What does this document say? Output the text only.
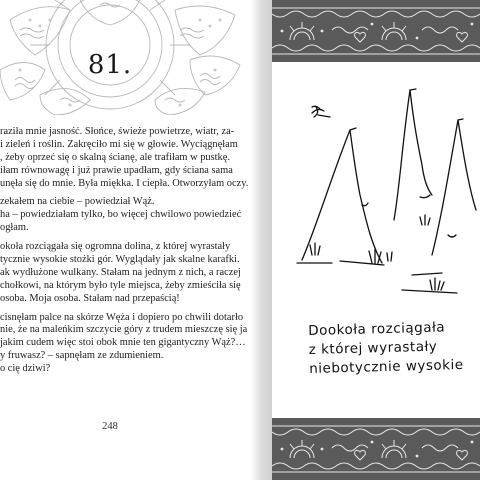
81.
raziła mnie jasność. Słońce, świeże powietrze, wiatr, za-
i zieleń i roślin. Zakręciło mi się w głowie. Wyciągnęłam
, żeby oprzeć się o skalną ścianę, ale trafiłam w pustkę.
iłam równowagę i już prawie upadłam, gdy ściana sama
unęła się do mnie. Była miękka. I ciepła. Otworzyłam oczy.
zekałem na ciebie – powiedział Wąż.
ha – powiedziałam tylko, bo więcej chwilowo powiedzieć
ogłam.
okoła rozciągała się ogromna dolina, z której wyrastały
tycznie wysokie stożki gór. Wyglądały jak skalne karafki.
ak wydłużone wulkany. Stałam na jednym z nich, a raczej
chołkowi, na którym było tyle miejsca, żeby zmieściła się
osoba. Moja osoba. Stałam nad przepaścią!
cisnęłam palce na skórze Węża i dopiero po chwili dotarło
nie, że na maleńkim szczycie góry z trudem mieszczę się ja
jakim cudem więc stoi obok mnie ten gigantyczny Wąż?…
y fruwasz? – sapnęłam ze zdumieniem.
o cię dziwi?
248
Dookoła rozciągała
z której wyrastały
niebotycznie wysokie
